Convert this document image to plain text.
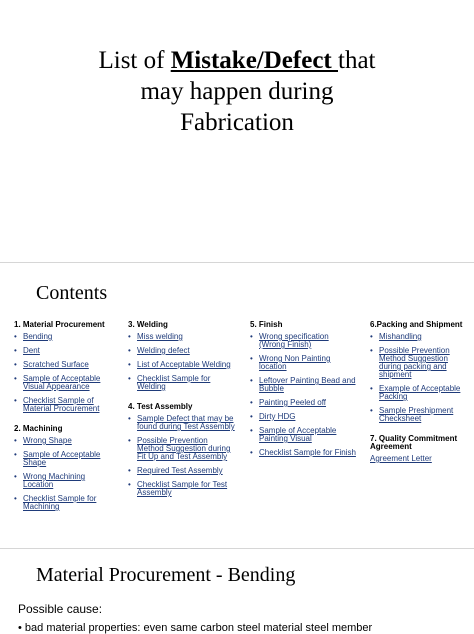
List of Mistake/Defect that
may happen during
Fabrication
Contents
1. Material Procurement
• Bending
• Dent
• Scratched Surface
• Sample of Acceptable Visual Appearance
• Checklist Sample of Material Procurement
2. Machining
• Wrong Shape
• Sample of Acceptable Shape
• Wrong Machining Location
• Checklist Sample for Machining
3. Welding
• Miss welding
• Welding defect
• List of Acceptable Welding
• Checklist Sample for Welding
4. Test Assembly
• Sample Defect that may be found during Test Assembly
• Possible Prevention Method Suggestion during Fit Up and Test Assembly
• Required Test Assembly
• Checklist Sample for Test Assembly
5. Finish
• Wrong specification (Wrong Finish)
• Wrong Non Painting location
• Leftover Painting Bead and Bubble
• Painting Peeled off
• Dirty HDG
• Sample of Acceptable Painting Visual
• Checklist Sample for Finish
6.Packing and Shipment
• Mishandling
• Possible Prevention Method Suggestion during packing and shipment
• Example of Acceptable Packing
• Sample Preshipment Checksheet
7. Quality Commitment Agreement
Agreement Letter
Material Procurement - Bending
Possible cause:
• bad material properties: even same carbon steel material steel member
